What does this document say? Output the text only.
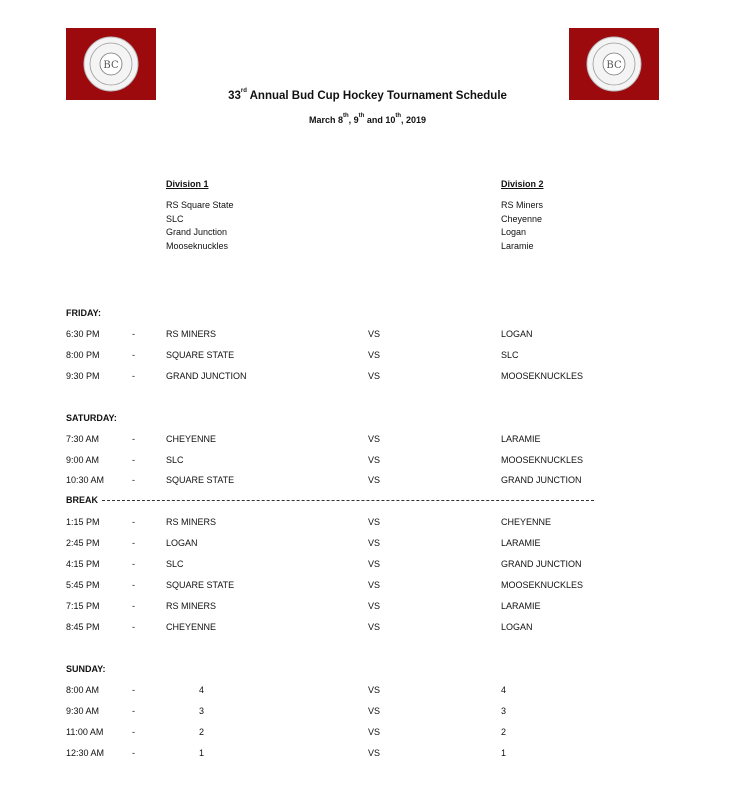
BC	BC
33rd Annual Bud Cup Hockey Tournament Schedule
March 8th, 9th and 10th, 2019
Division 1
RS Square State
SLC
Grand Junction
Mooseknuckles
Division 2
RS Miners
Cheyenne
Logan
Laramie
FRIDAY:
6:30 PM	-	RS MINERS	VS	LOGAN
8:00 PM	-	SQUARE STATE	VS	SLC
9:30 PM	-	GRAND JUNCTION	VS	MOOSEKNUCKLES
SATURDAY:
7:30 AM	-	CHEYENNE	VS	LARAMIE
9:00 AM	-	SLC	VS	MOOSEKNUCKLES
10:30 AM	-	SQUARE STATE	VS	GRAND JUNCTION
BREAK
1:15 PM	-	RS MINERS	VS	CHEYENNE
2:45 PM	-	LOGAN	VS	LARAMIE
4:15 PM	-	SLC	VS	GRAND JUNCTION
5:45 PM	-	SQUARE STATE	VS	MOOSEKNUCKLES
7:15 PM	-	RS MINERS	VS	LARAMIE
8:45 PM	-	CHEYENNE	VS	LOGAN
SUNDAY:
8:00 AM	-	4	VS	4
9:30 AM	-	3	VS	3
11:00 AM	-	2	VS	2
12:30 AM	-	1	VS	1
